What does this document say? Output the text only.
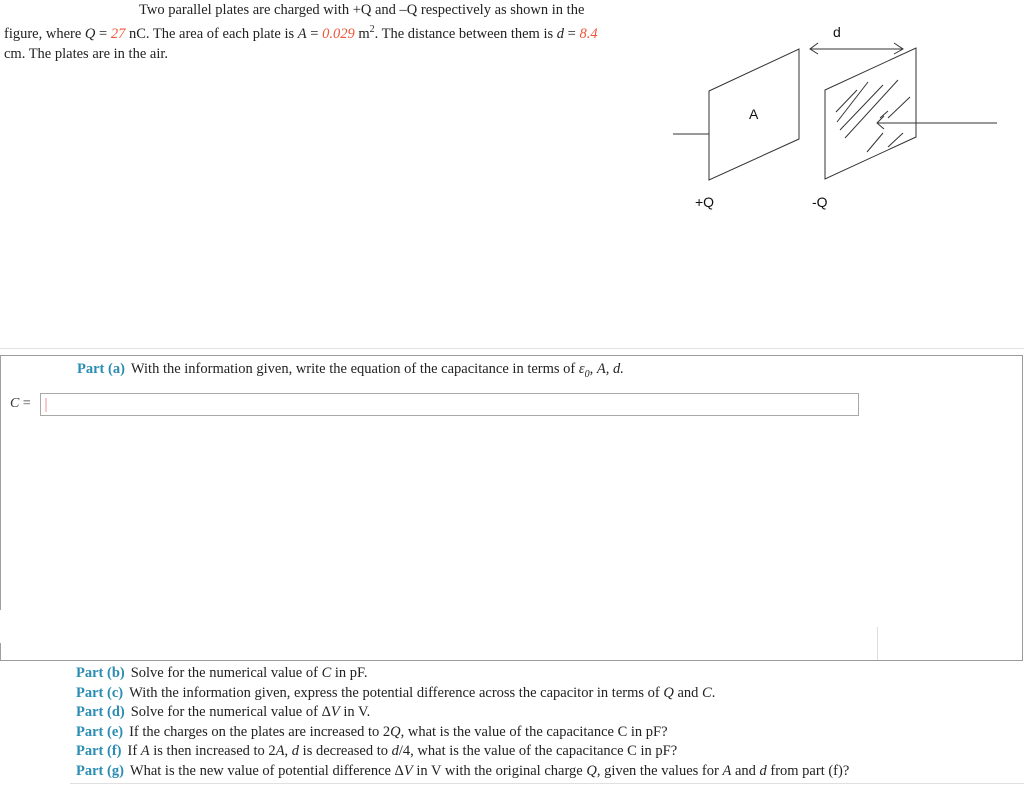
Two parallel plates are charged with +Q and –Q respectively as shown in the
figure, where Q = 27 nC. The area of each plate is A = 0.029 $m^2$. The distance between them is d = 8.4
cm. The plates are in the air.
A
d
+Q	-Q
Part (a) With the information given, write the equation of the capacitance in terms of $\varepsilon_0$, A, d.
C =
Part (b) Solve for the numerical value of C in pF.
Part (c) With the information given, express the potential difference across the capacitor in terms of Q and C.
Part (d) Solve for the numerical value of ΔV in V.
Part (e) If the charges on the plates are increased to 2Q, what is the value of the capacitance C in pF?
Part (f) If A is then increased to 2A, d is decreased to d/4, what is the value of the capacitance C in pF?
Part (g) What is the new value of potential difference ΔV in V with the original charge Q, given the values for A and d from part (f)?
